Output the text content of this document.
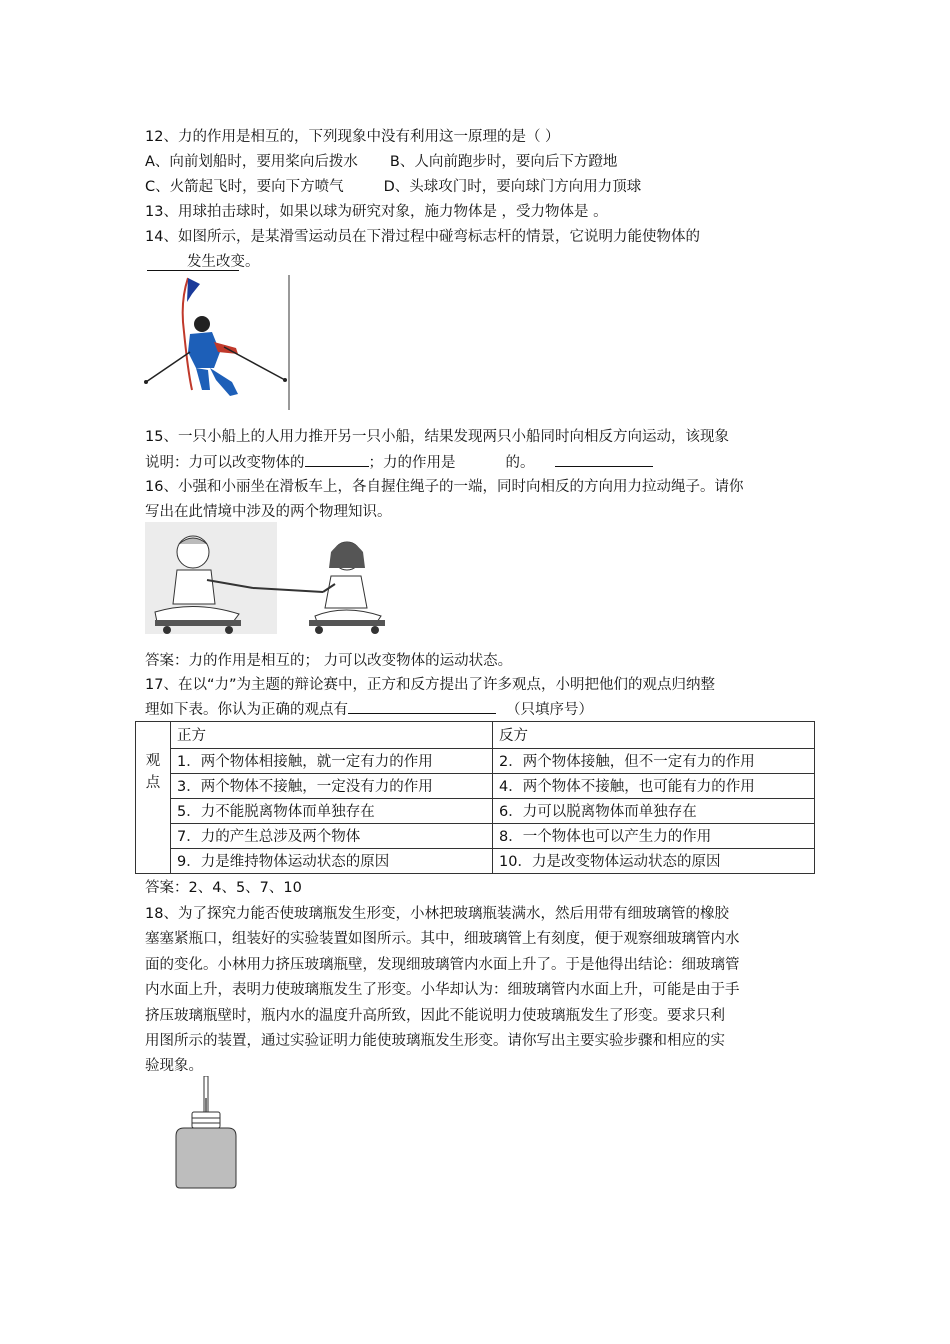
12、力的作用是相互的，下列现象中没有利用这一原理的是（ ）
A、向前划船时，要用桨向后拨水 B、人向前跑步时，要向后下方蹬地
C、火箭起飞时，要向下方喷气	D、头球攻门时，要向球门方向用力顶球
13、用球拍击球时，如果以球为研究对象，施力物体是 ，受力物体是 。
14、如图所示，是某滑雪运动员在下滑过程中碰弯标志杆的情景，它说明力能使物体的
发生改变。
15、一只小船上的人用力推开另一只小船，结果发现两只小船同时向相反方向运动，该现象
说明：力可以改变物体的	；力的作用是	的。
16、小强和小丽坐在滑板车上，各自握住绳子的一端，同时向相反的方向用力拉动绳子。请你
写出在此情境中涉及的两个物理知识。
答案：力的作用是相互的； 力可以改变物体的运动状态。
17、在以“力”为主题的辩论赛中，正方和反方提出了许多观点，小明把他们的观点归纳整
理如下表。你认为正确的观点有	（只填序号）
	正方	反方

观点	1．两个物体相接触，就一定有力的作用	2．两个物体接触，但不一定有力的作用
	3．两个物体不接触，一定没有力的作用	4．两个物体不接触，也可能有力的作用
	5．力不能脱离物体而单独存在	6．力可以脱离物体而单独存在
	7．力的产生总涉及两个物体	8．一个物体也可以产生力的作用
	9．力是维持物体运动状态的原因	10．力是改变物体运动状态的原因
答案：2、4、5、7、10
18、为了探究力能否使玻璃瓶发生形变，小林把玻璃瓶装满水，然后用带有细玻璃管的橡胶
塞塞紧瓶口，组装好的实验装置如图所示。其中，细玻璃管上有刻度，便于观察细玻璃管内水
面的变化。小林用力挤压玻璃瓶壁，发现细玻璃管内水面上升了。于是他得出结论：细玻璃管
内水面上升，表明力使玻璃瓶发生了形变。小华却认为：细玻璃管内水面上升，可能是由于手
挤压玻璃瓶壁时，瓶内水的温度升高所致，因此不能说明力使玻璃瓶发生了形变。要求只利
用图所示的装置，通过实验证明力能使玻璃瓶发生形变。请你写出主要实验步骤和相应的实
验现象。
